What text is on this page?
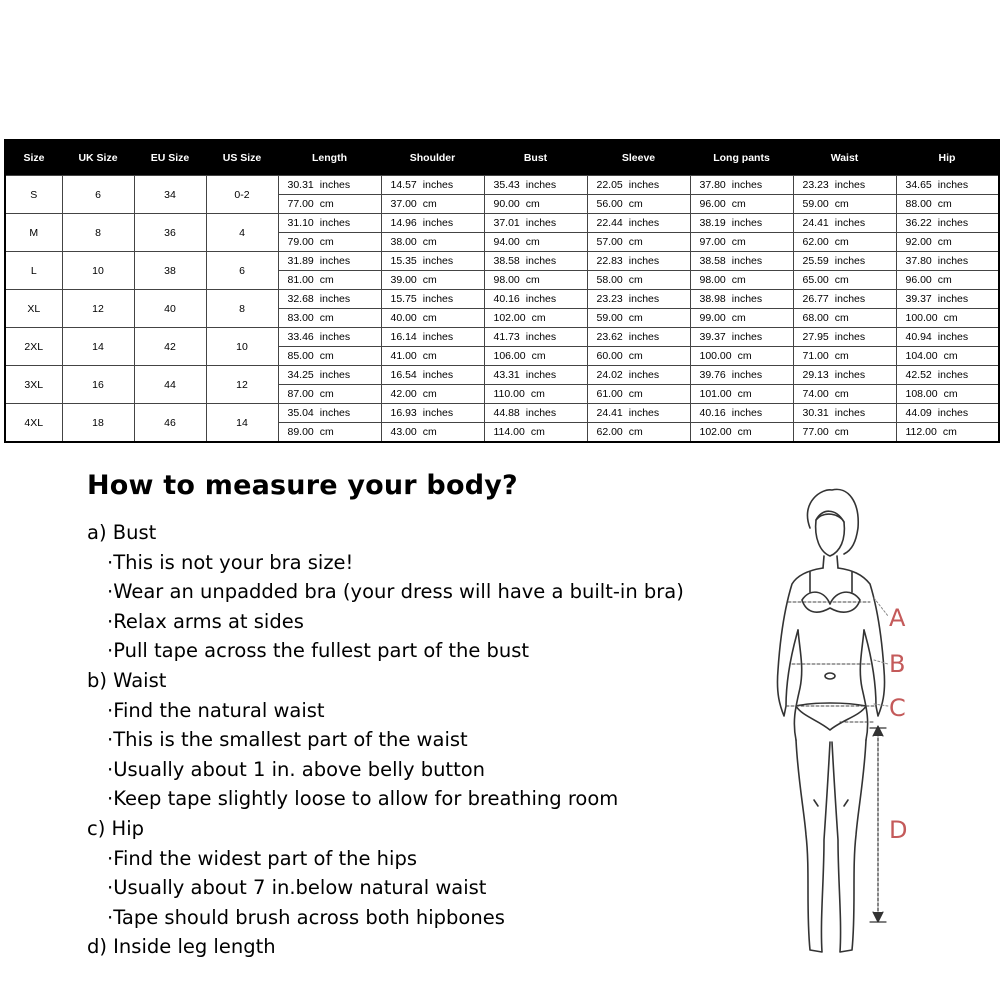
Size	UK Size	EU Size	US Size	Length	Shoulder	Bust	Sleeve	Long pants	Waist	Hip
S	6	34	0-2	30.31 inches	14.57 inches	35.43 inches	22.05 inches	37.80 inches	23.23 inches	34.65 inches
				77.00 cm	37.00 cm	90.00 cm	56.00 cm	96.00 cm	59.00 cm	88.00 cm
M	8	36	4	31.10 inches	14.96 inches	37.01 inches	22.44 inches	38.19 inches	24.41 inches	36.22 inches
				79.00 cm	38.00 cm	94.00 cm	57.00 cm	97.00 cm	62.00 cm	92.00 cm
L	10	38	6	31.89 inches	15.35 inches	38.58 inches	22.83 inches	38.58 inches	25.59 inches	37.80 inches
				81.00 cm	39.00 cm	98.00 cm	58.00 cm	98.00 cm	65.00 cm	96.00 cm
XL	12	40	8	32.68 inches	15.75 inches	40.16 inches	23.23 inches	38.98 inches	26.77 inches	39.37 inches
				83.00 cm	40.00 cm	102.00 cm	59.00 cm	99.00 cm	68.00 cm	100.00 cm
2XL	14	42	10	33.46 inches	16.14 inches	41.73 inches	23.62 inches	39.37 inches	27.95 inches	40.94 inches
				85.00 cm	41.00 cm	106.00 cm	60.00 cm	100.00 cm	71.00 cm	104.00 cm
3XL	16	44	12	34.25 inches	16.54 inches	43.31 inches	24.02 inches	39.76 inches	29.13 inches	42.52 inches
				87.00 cm	42.00 cm	110.00 cm	61.00 cm	101.00 cm	74.00 cm	108.00 cm
4XL	18	46	14	35.04 inches	16.93 inches	44.88 inches	24.41 inches	40.16 inches	30.31 inches	44.09 inches
				89.00 cm	43.00 cm	114.00 cm	62.00 cm	102.00 cm	77.00 cm	112.00 cm
How to measure your body?
a) Bust
·This is not your bra size!
·Wear an unpadded bra (your dress will have a built-in bra)
·Relax arms at sides
·Pull tape across the fullest part of the bust
b) Waist
·Find the natural waist
·This is the smallest part of the waist
·Usually about 1 in. above belly button
·Keep tape slightly loose to allow for breathing room
c) Hip
·Find the widest part of the hips
·Usually about 7 in.below natural waist
·Tape should brush across both hipbones
d) Inside leg length
A
B
C
D
